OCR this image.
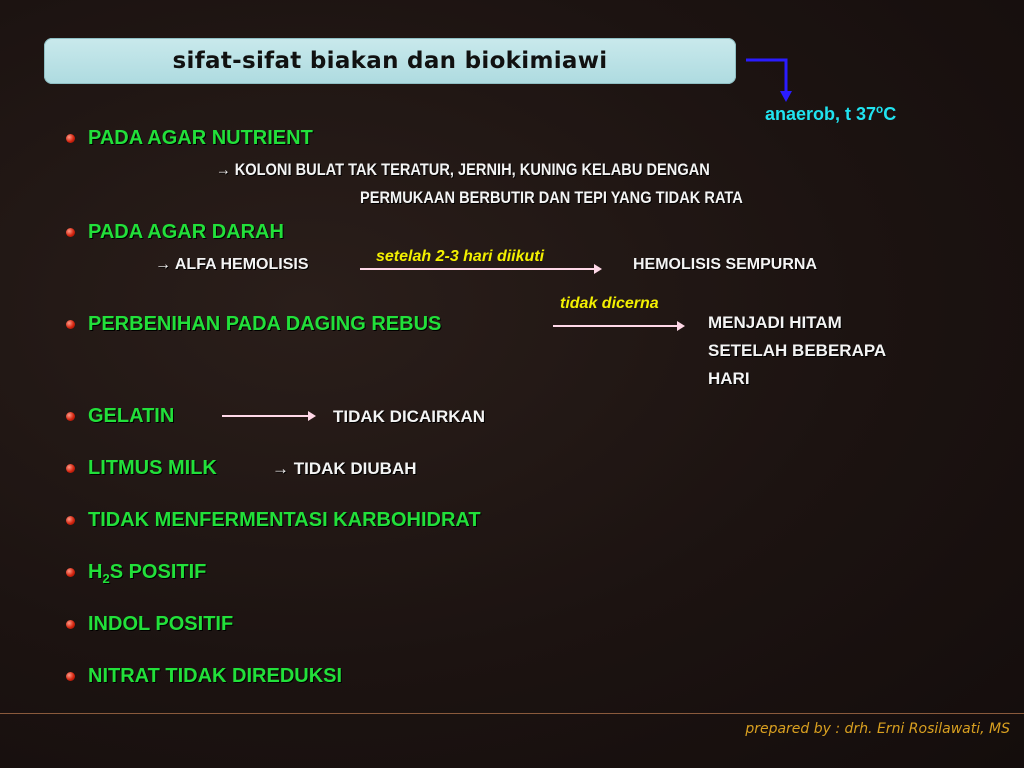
sifat-sifat biakan dan biokimiawi
anaerob, t 37$^o$C
PADA AGAR NUTRIENT
→ KOLONI BULAT TAK TERATUR, JERNIH, KUNING KELABU DENGAN
PERMUKAAN BERBUTIR DAN TEPI YANG TIDAK RATA
PADA AGAR DARAH
→ ALFA HEMOLISIS	setelah 2-3 hari diikuti	HEMOLISIS SEMPURNA
PERBENIHAN PADA DAGING REBUS
tidak dicerna
MENJADI HITAM
SETELAH BEBERAPA
HARI
GELATIN	TIDAK DICAIRKAN
LITMUS MILK	→ TIDAK DIUBAH
TIDAK MENFERMENTASI KARBOHIDRAT
$H_2S$ POSITIF
INDOL POSITIF
NITRAT TIDAK DIREDUKSI
prepared by : drh. Erni Rosilawati, MS
